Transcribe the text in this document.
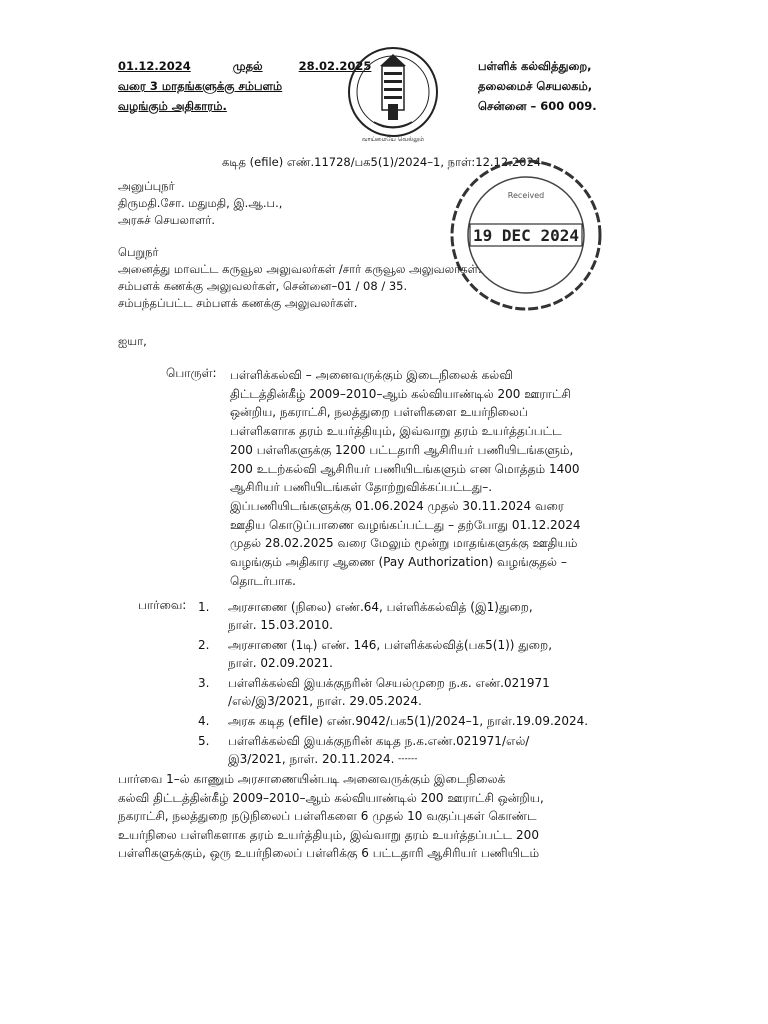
01.12.2024	முதல்	28.02.2025
வரை 3 மாதங்களுக்கு சம்பளம்
வழங்கும் அதிகாரம்.
வாய்மையே வெல்லும்
பள்ளிக் கல்வித்துறை,
தலைமைச் செயலகம்,
சென்னை – 600 009.
கடித (efile) எண்.11728/பக5(1)/2024–1, நாள்:12.12.2024
19 DEC 2024
Received
அனுப்புநர்
திருமதி.சோ. மதுமதி, இ.ஆ.ப.,
அரசுச் செயலாளர்.
பெறுநர்
அனைத்து மாவட்ட கருவூல அலுவலர்கள் /சார் கருவூல அலுவலர்கள்.
சம்பளக் கணக்கு அலுவலர்கள், சென்னை–01 / 08 / 35.
சம்பந்தப்பட்ட சம்பளக் கணக்கு அலுவலர்கள்.
ஐயா,
பொருள்: பள்ளிக்கல்வி – அனைவருக்கும் இடைநிலைக் கல்வி
திட்டத்தின்கீழ் 2009–2010–ஆம் கல்வியாண்டில் 200 ஊராட்சி
ஒன்றிய, நகராட்சி, நலத்துறை பள்ளிகளை உயர்நிலைப்
பள்ளிகளாக தரம் உயர்த்தியும், இவ்வாறு தரம் உயர்த்தப்பட்ட
200 பள்ளிகளுக்கு 1200 பட்டதாரி ஆசிரியர் பணியிடங்களும்,
200 உடற்கல்வி ஆசிரியர் பணியிடங்களும் என மொத்தம் 1400
ஆசிரியர் பணியிடங்கள் தோற்றுவிக்கப்பட்டது–.
இப்பணியிடங்களுக்கு 01.06.2024 முதல் 30.11.2024 வரை
ஊதிய கொடுப்பாணை வழங்கப்பட்டது – தற்போது 01.12.2024
முதல் 28.02.2025 வரை மேலும் மூன்று மாதங்களுக்கு ஊதியம்
வழங்கும் அதிகார ஆணை (Pay Authorization) வழங்குதல் –
தொடர்பாக.
பார்வை: 1. அரசாணை (நிலை) எண்.64, பள்ளிக்கல்வித் (இ1)துறை,
நாள். 15.03.2010.
2. அரசாணை (1டி) எண். 146, பள்ளிக்கல்வித்(பக5(1)) துறை,
நாள். 02.09.2021.
3. பள்ளிக்கல்வி இயக்குநரின் செயல்முறை ந.க. எண்.021971
/எல்/இ3/2021, நாள். 29.05.2024.
4. அரசு கடித (efile) எண்.9042/பக5(1)/2024–1, நாள்.19.09.2024.
5. பள்ளிக்கல்வி இயக்குநரின் கடித ந.க.எண்.021971/எல்/
இ3/2021, நாள். 20.11.2024. ------
பார்வை 1–ல் காணும் அரசாணையின்படி அனைவருக்கும் இடைநிலைக்
கல்வி திட்டத்தின்கீழ் 2009–2010–ஆம் கல்வியாண்டில் 200 ஊராட்சி ஒன்றிய,
நகராட்சி, நலத்துறை நடுநிலைப் பள்ளிகளை 6 முதல் 10 வகுப்புகள் கொண்ட
உயர்நிலை பள்ளிகளாக தரம் உயர்த்தியும், இவ்வாறு தரம் உயர்த்தப்பட்ட 200
பள்ளிகளுக்கும், ஒரு உயர்நிலைப் பள்ளிக்கு 6 பட்டதாரி ஆசிரியர் பணியிடம்
